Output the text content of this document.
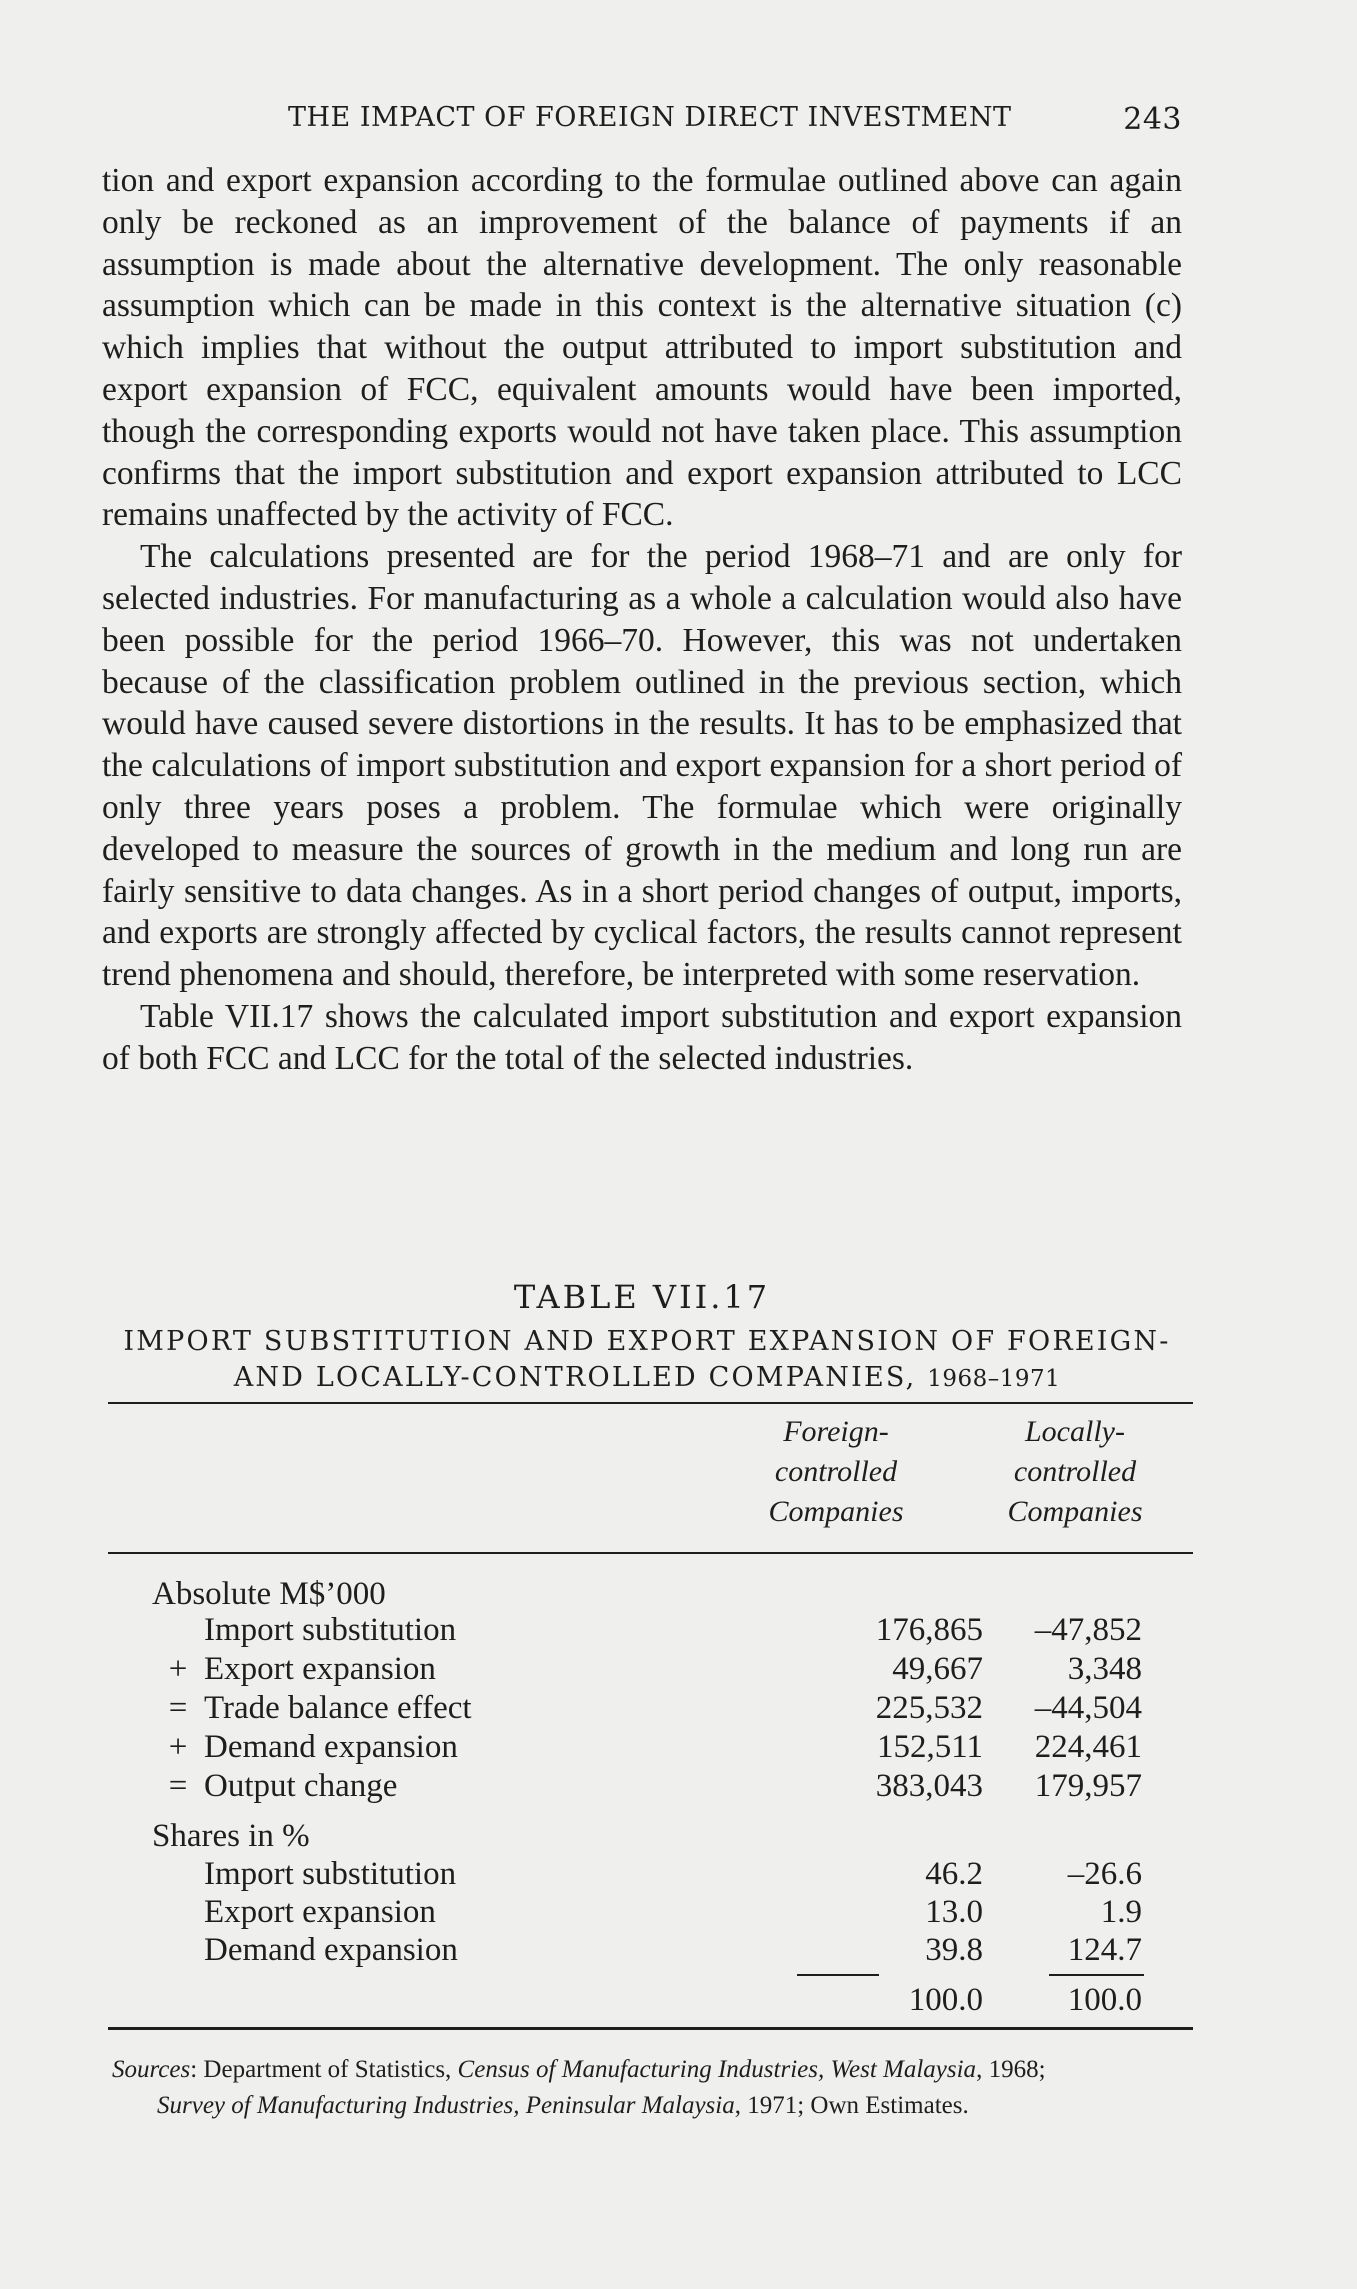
THE IMPACT OF FOREIGN DIRECT INVESTMENT	243

tion and export expansion according to the formulae outlined above can again only be reckoned as an improvement of the balance of payments if an assumption is made about the alternative development. The only reasonable assumption which can be made in this context is the alternative situation (c) which implies that without the output attributed to import substitution and export expansion of FCC, equivalent amounts would have been imported, though the corresponding exports would not have taken place. This assumption confirms that the import substitution and export expansion attributed to LCC remains unaffected by the activity of FCC.

The calculations presented are for the period 1968–71 and are only for selected industries. For manufacturing as a whole a calculation would also have been possible for the period 1966–70. However, this was not undertaken because of the classification problem outlined in the previous section, which would have caused severe distortions in the results. It has to be emphasized that the calculations of import substitution and export expansion for a short period of only three years poses a problem. The formulae which were originally developed to measure the sources of growth in the medium and long run are fairly sensitive to data changes. As in a short period changes of output, imports, and exports are strongly affected by cyclical factors, the results cannot represent trend phenomena and should, therefore, be interpreted with some reservation.

Table VII.17 shows the calculated import substitution and export expansion of both FCC and LCC for the total of the selected industries.

TABLE VII.17
IMPORT SUBSTITUTION AND EXPORT EXPANSION OF FOREIGN-
AND LOCALLY-CONTROLLED COMPANIES, 1968–1971
Foreign-
controlled
Companies
Locally-
controlled
Companies
Absolute M$’000
Import substitution	176,865 –47,852
+ Export expansion	49,667	3,348
= Trade balance effect	225,532 –44,504
+ Demand expansion	152,511 224,461
= Output change	383,043 179,957
Shares in %
Import substitution	46.2	–26.6
Export expansion	13.0	1.9
Demand expansion	39.8	124.7
100.0	100.0
Sources: Department of Statistics, Census of Manufacturing Industries, West Malaysia, 1968;
Survey of Manufacturing Industries, Peninsular Malaysia, 1971; Own Estimates.
